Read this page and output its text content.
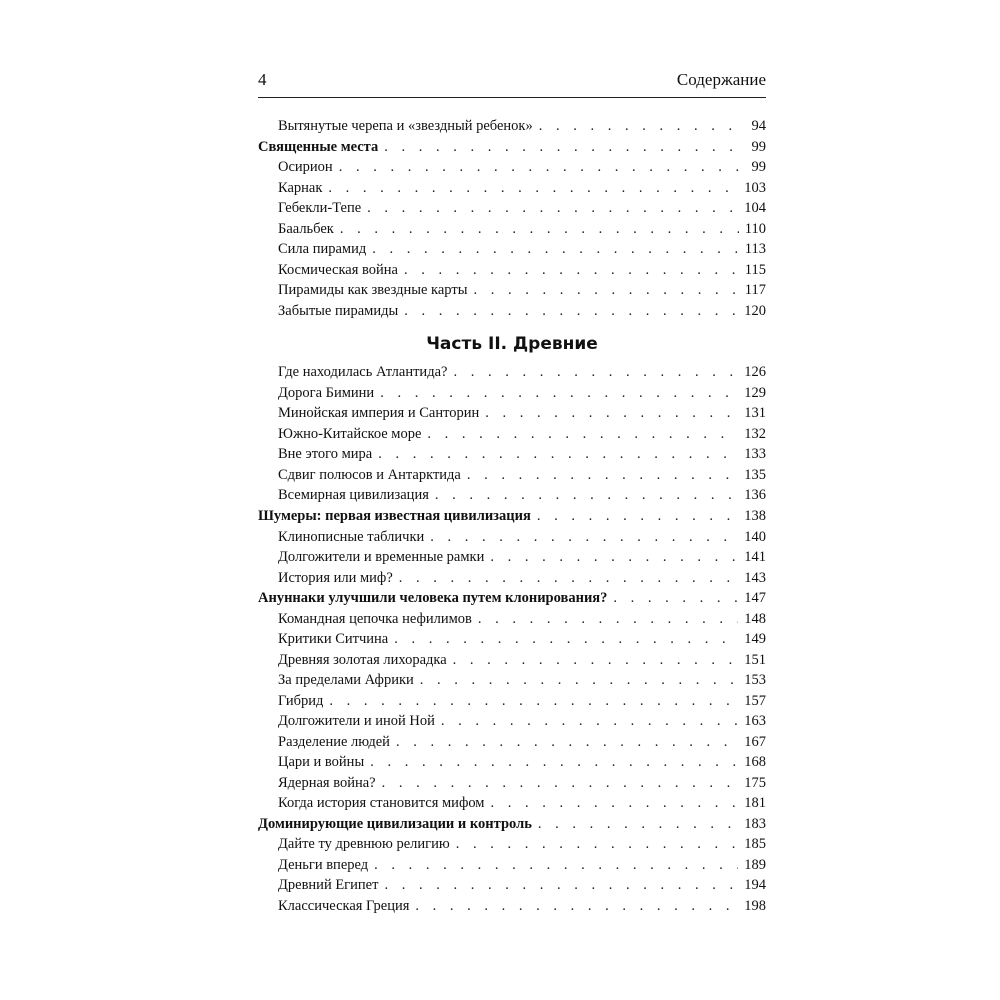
4	Содержание
Вытянутые черепа и «звездный ребенок» . . .	94
Священные места . . .	99
Осирион . . .	99
Карнак . . .	103
Гебекли-Тепе . . .	104
Баальбек . . .	110
Сила пирамид . . .	113
Космическая война . . .	115
Пирамиды как звездные карты . . .	117
Забытые пирамиды . . .	120
Часть II. Древние
Где находилась Атлантида? . . .	126
Дорога Бимини . . .	129
Минойская империя и Санторин . . .	131
Южно-Китайское море . . .	132
Вне этого мира . . .	133
Сдвиг полюсов и Антарктида . . .	135
Всемирная цивилизация . . .	136
Шумеры: первая известная цивилизация . . .	138
Клинописные таблички . . .	140
Долгожители и временные рамки . . .	141
История или миф? . . .	143
Ануннаки улучшили человека путем клонирования? . . .	147
Командная цепочка нефилимов . . .	148
Критики Ситчина . . .	149
Древняя золотая лихорадка . . .	151
За пределами Африки . . .	153
Гибрид . . .	157
Долгожители и иной Ной . . .	163
Разделение людей . . .	167
Цари и войны . . .	168
Ядерная война? . . .	175
Когда история становится мифом . . .	181
Доминирующие цивилизации и контроль . . .	183
Дайте ту древнюю религию . . .	185
Деньги вперед . . .	189
Древний Египет . . .	194
Классическая Греция . . .	198
